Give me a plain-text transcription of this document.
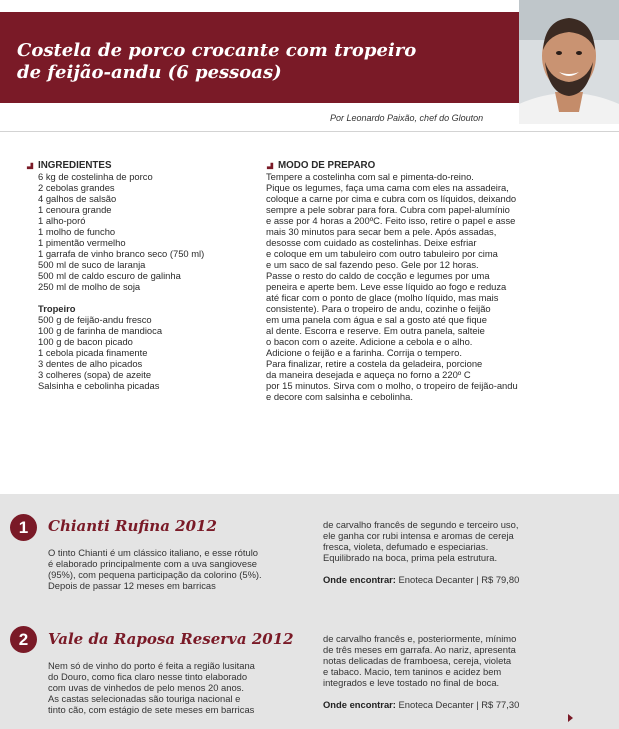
Costela de porco crocante com tropeiro
de feijão-andu (6 pessoas)
Por Leonardo Paixão, chef do Glouton
INGREDIENTES
6 kg de costelinha de porco
2 cebolas grandes
4 galhos de salsão
1 cenoura grande
1 alho-poró
1 molho de funcho
1 pimentão vermelho
1 garrafa de vinho branco seco (750 ml)
500 ml de suco de laranja
500 ml de caldo escuro de galinha
250 ml de molho de soja
Tropeiro
500 g de feijão-andu fresco
100 g de farinha de mandioca
100 g de bacon picado
1 cebola picada finamente
3 dentes de alho picados
3 colheres (sopa) de azeite
Salsinha e cebolinha picadas
MODO DE PREPARO
Tempere a costelinha com sal e pimenta-do-reino.
Pique os legumes, faça uma cama com eles na assadeira,
coloque a carne por cima e cubra com os líquidos, deixando
sempre a pele sobrar para fora. Cubra com papel-alumínio
e asse por 4 horas a 200ºC. Feito isso, retire o papel e asse
mais 30 minutos para secar bem a pele. Após assadas,
desosse com cuidado as costelinhas. Deixe esfriar
e coloque em um tabuleiro com outro tabuleiro por cima
e um saco de sal fazendo peso. Gele por 12 horas.
Passe o resto do caldo de cocção e legumes por uma
peneira e aperte bem. Leve esse líquido ao fogo e reduza
até ficar com o ponto de glace (molho líquido, mas mais
consistente). Para o tropeiro de andu, cozinhe o feijão
em uma panela com água e sal a gosto até que fique
al dente. Escorra e reserve. Em outra panela, salteie
o bacon com o azeite. Adicione a cebola e o alho.
Adicione o feijão e a farinha. Corrija o tempero.
Para finalizar, retire a costela da geladeira, porcione
da maneira desejada e aqueça no forno a 220º C
por 15 minutos. Sirva com o molho, o tropeiro de feijão-andu
e decore com salsinha e cebolinha.
1	Chianti Rufina 2012
O tinto Chianti é um clássico italiano, e esse rótulo
é elaborado principalmente com a uva sangiovese
(95%), com pequena participação da colorino (5%).
Depois de passar 12 meses em barricas
de carvalho francês de segundo e terceiro uso,
ele ganha cor rubi intensa e aromas de cereja
fresca, violeta, defumado e especiarias.
Equilibrado na boca, prima pela estrutura.
Onde encontrar: Enoteca Decanter | R$ 79,80
2	Vale da Raposa Reserva 2012
Nem só de vinho do porto é feita a região lusitana
do Douro, como fica claro nesse tinto elaborado
com uvas de vinhedos de pelo menos 20 anos.
As castas selecionadas são touriga nacional e
tinto cão, com estágio de sete meses em barricas
de carvalho francês e, posteriormente, mínimo
de três meses em garrafa. Ao nariz, apresenta
notas delicadas de framboesa, cereja, violeta
e tabaco. Macio, tem taninos e acidez bem
integrados e leve tostado no final de boca.
Onde encontrar: Enoteca Decanter | R$ 77,30
